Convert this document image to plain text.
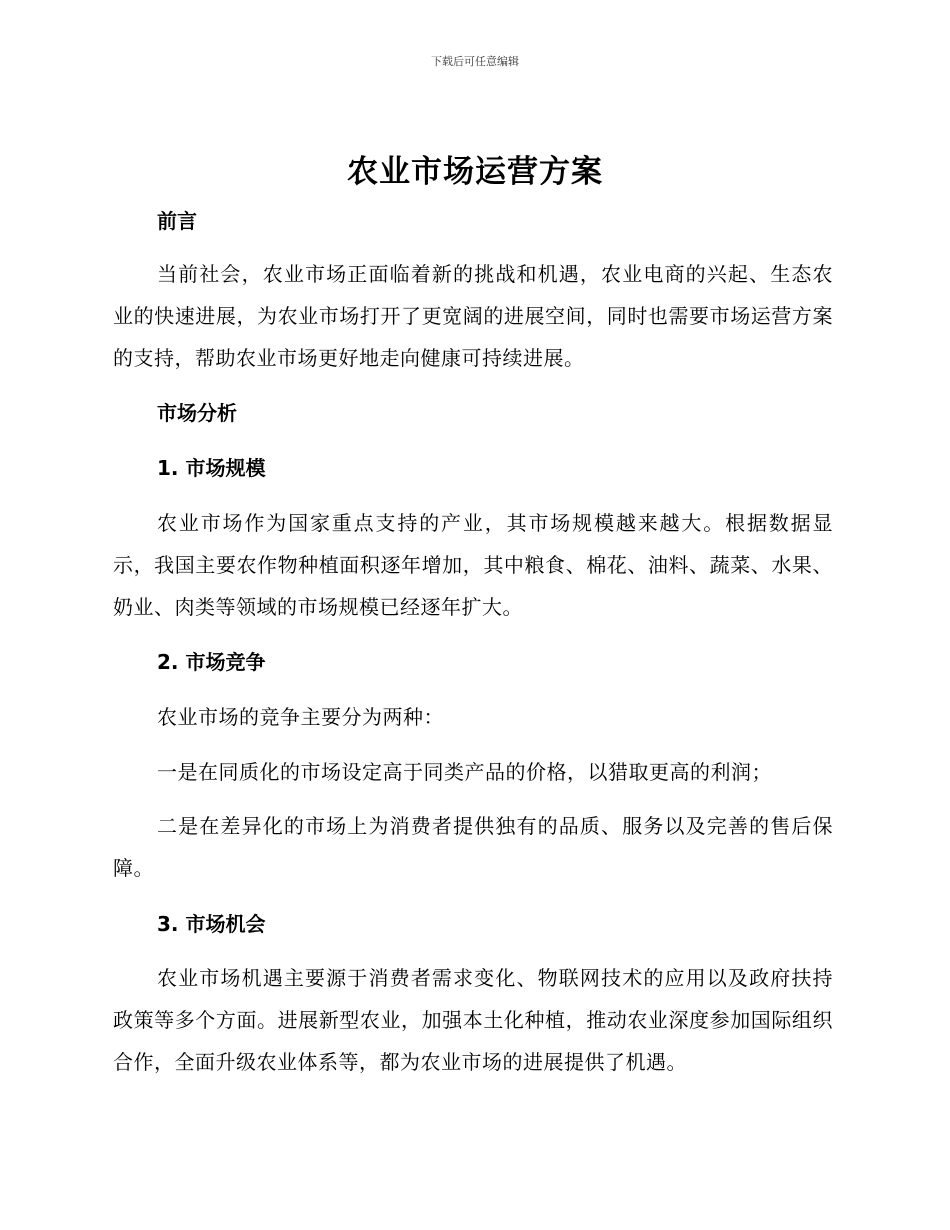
下载后可任意编辑
农业市场运营方案
前言
当前社会，农业市场正面临着新的挑战和机遇，农业电商的兴起、生态农业的快速进展，为农业市场打开了更宽阔的进展空间，同时也需要市场运营方案的支持，帮助农业市场更好地走向健康可持续进展。
市场分析
1. 市场规模
农业市场作为国家重点支持的产业，其市场规模越来越大。根据数据显示，我国主要农作物种植面积逐年增加，其中粮食、棉花、油料、蔬菜、水果、奶业、肉类等领域的市场规模已经逐年扩大。
2. 市场竞争
农业市场的竞争主要分为两种：
一是在同质化的市场设定高于同类产品的价格，以猎取更高的利润；
二是在差异化的市场上为消费者提供独有的品质、服务以及完善的售后保障。
3. 市场机会
农业市场机遇主要源于消费者需求变化、物联网技术的应用以及政府扶持政策等多个方面。进展新型农业，加强本土化种植，推动农业深度参加国际组织合作，全面升级农业体系等，都为农业市场的进展提供了机遇。
